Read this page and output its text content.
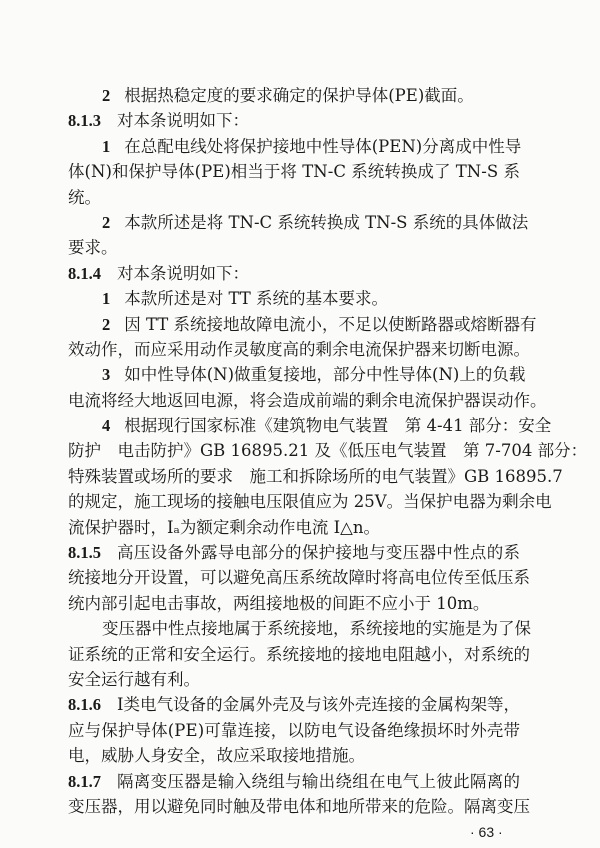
2 根据热稳定度的要求确定的保护导体(PE)截面。
8.1.3 对本条说明如下：
1 在总配电线处将保护接地中性导体(PEN)分离成中性导
体(N)和保护导体(PE)相当于将 TN-C 系统转换成了 TN-S 系
统。
2 本款所述是将 TN-C 系统转换成 TN-S 系统的具体做法
要求。
8.1.4 对本条说明如下：
1 本款所述是对 TT 系统的基本要求。
2 因 TT 系统接地故障电流小，不足以使断路器或熔断器有
效动作，而应采用动作灵敏度高的剩余电流保护器来切断电源。
3 如中性导体(N)做重复接地，部分中性导体(N)上的负载
电流将经大地返回电源，将会造成前端的剩余电流保护器误动作。
4 根据现行国家标准《建筑物电气装置　第 4-41 部分：安全
防护　电击防护》GB 16895.21 及《低压电气装置　第 7-704 部分：
特殊装置或场所的要求　施工和拆除场所的电气装置》GB 16895.7
的规定，施工现场的接触电压限值应为 25V。当保护电器为剩余电
流保护器时，Iₐ为额定剩余动作电流 I△n。
8.1.5 高压设备外露导电部分的保护接地与变压器中性点的系
统接地分开设置，可以避免高压系统故障时将高电位传至低压系
统内部引起电击事故，两组接地极的间距不应小于 10m。
变压器中性点接地属于系统接地，系统接地的实施是为了保
证系统的正常和安全运行。系统接地的接地电阻越小，对系统的
安全运行越有利。
8.1.6 Ⅰ类电气设备的金属外壳及与该外壳连接的金属构架等，
应与保护导体(PE)可靠连接，以防电气设备绝缘损坏时外壳带
电，威胁人身安全，故应采取接地措施。
8.1.7 隔离变压器是输入绕组与输出绕组在电气上彼此隔离的
变压器，用以避免同时触及带电体和地所带来的危险。隔离变压
· 63 ·
